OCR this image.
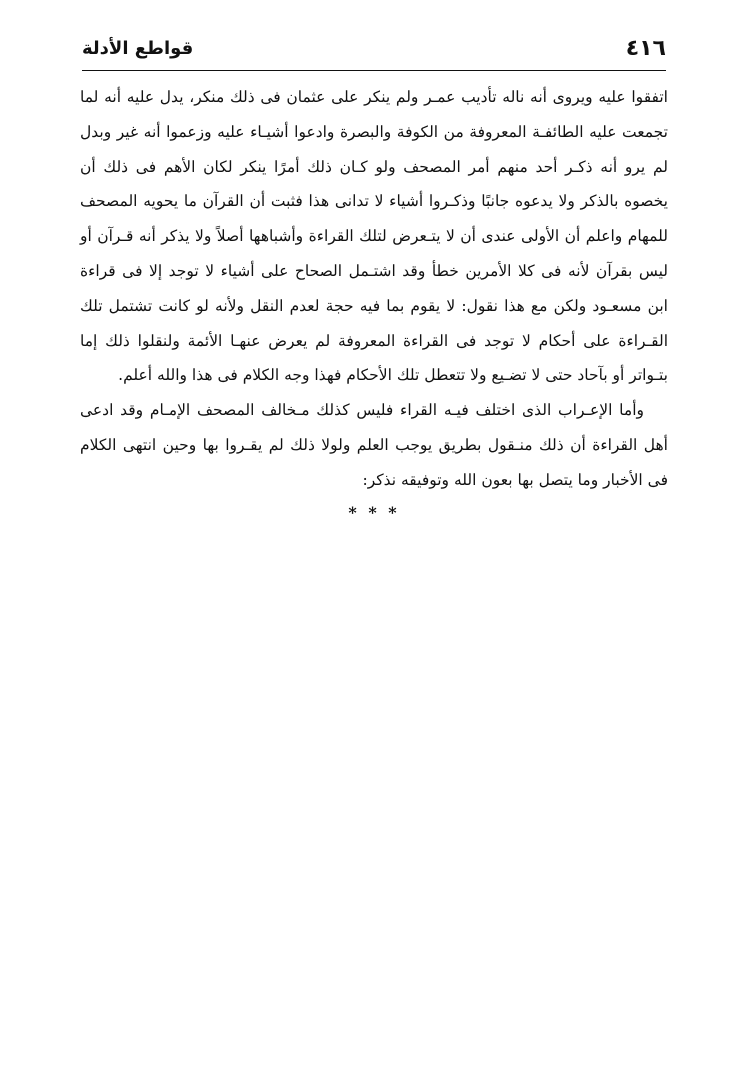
٤١٦
قواطع الأدلة

اتفقوا عليه ويروى أنه ناله تأديب عمـر ولم ينكر على عثمان فى ذلك منكر، يدل عليه أنه لما تجمعت عليه الطائفـة المعروفة من الكوفة والبصرة وادعوا أشيـاء عليه وزعموا أنه غير وبدل لم يرو أنه ذكـر أحد منهم أمر المصحف ولو كـان ذلك أمرًا ينكر لكان الأهم فى ذلك أن يخصوه بالذكر ولا يدعوه جانبًا وذكـروا أشياء لا تدانى هذا فثبت أن القرآن ما يحويه المصحف للمهام واعلم أن الأولى عندى أن لا يتـعرض لتلك القراءة وأشباهها أصلاً ولا يذكر أنه قـرآن أو ليس بقرآن لأنه فى كلا الأمرين خطأ وقد اشتـمل الصحاح على أشياء لا توجد إلا فى قراءة ابن مسعـود ولكن مع هذا نقول: لا يقوم بما فيه حجة لعدم النقل ولأنه لو كانت تشتمل تلك القـراءة على أحكام لا توجد فى القراءة المعروفة لم يعرض عنهـا الأئمة ولنقلوا ذلك إما بتـواتر أو بآحاد حتى لا تضـيع ولا تتعطل تلك الأحكام فهذا وجه الكلام فى هذا والله أعلم.

وأما الإعـراب الذى اختلف فيـه القراء فليس كذلك مـخالف المصحف الإمـام وقد ادعى أهل القراءة أن ذلك منـقول بطريق يوجب العلم ولولا ذلك لم يقـروا بها وحين انتهى الكلام فى الأخبار وما يتصل بها بعون الله وتوفيقه نذكر:

* * *
